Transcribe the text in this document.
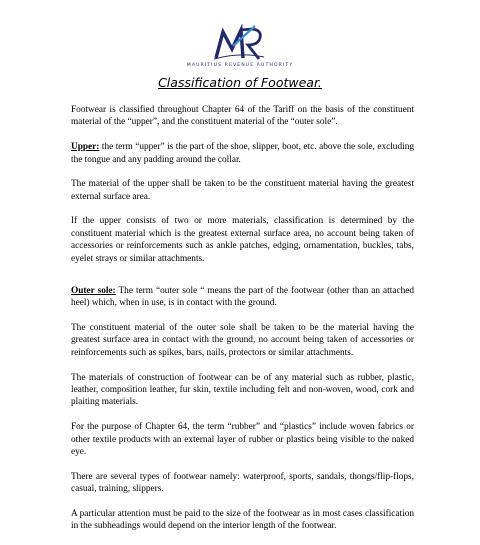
MAURITIUS REVENUE AUTHORITY
Classification of Footwear.

Footwear is classified throughout Chapter 64 of the Tariff on the basis of the constituent material of the “upper”, and the constituent material of the “outer sole”.

Upper: the term “upper” is the part of the shoe, slipper, boot, etc. above the sole, excluding the tongue and any padding around the collar.

The material of the upper shall be taken to be the constituent material having the greatest external surface area.

If the upper consists of two or more materials, classification is determined by the constituent material which is the greatest external surface area, no account being taken of accessories or reinforcements such as ankle patches, edging, ornamentation, buckles, tabs, eyelet strays or similar attachments.

Outer sole: The term “outer sole “ means the part of the footwear (other than an attached heel) which, when in use, is in contact with the ground.

The constituent material of the outer sole shall be taken to be the material having the greatest surface area in contact with the ground, no account being taken of accessories or reinforcements such as spikes, bars, nails, protectors or similar attachments.

The materials of construction of footwear can be of any material such as rubber, plastic, leather, composition leather, fur skin, textile including felt and non-woven, wood, cork and plaiting materials.

For the purpose of Chapter 64, the term “rubber” and “plastics” include woven fabrics or other textile products with an external layer of rubber or plastics being visible to the naked eye.

There are several types of footwear namely: waterproof, sports, sandals, thongs/flip-flops, casual, training, slippers.

A particular attention must be paid to the size of the footwear as in most cases classification in the subheadings would depend on the interior length of the footwear.
